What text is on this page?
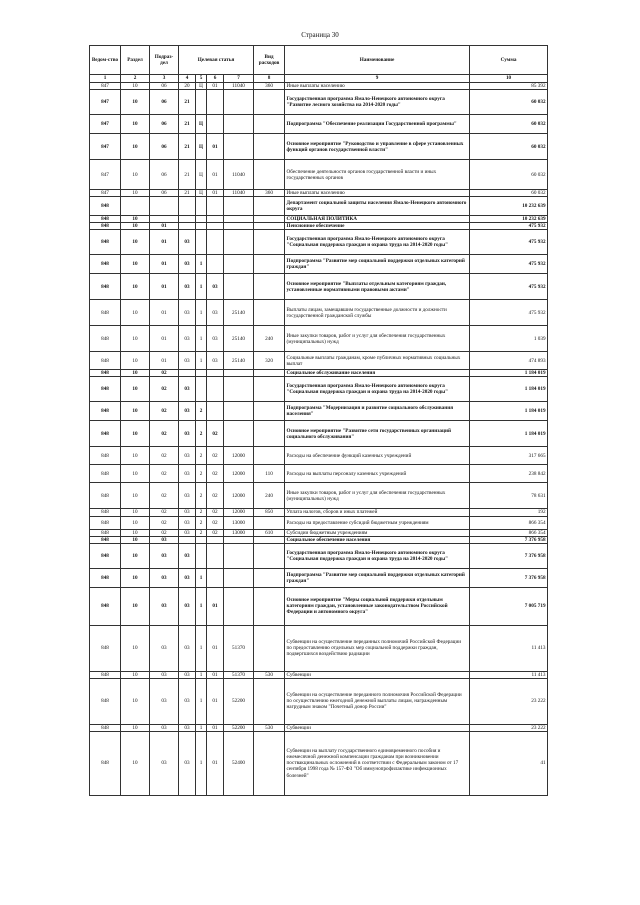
Страница 30
Ведом-ство	Раздел	Подраз-дел	Целевая статья				Вид расходов	Наименование	Сумма
1	2	3	4	5	6	7	8	9	10
847	10	06	20	Ц	01	11040	360	Иные выплаты населению	85 392
847	10	06	21					Государственная программа Ямало-Ненецкого автономного округа "Развитие лесного хозяйства на 2014-2020 годы"	60 032
847	10	06	21	Ц				Подпрограмма "Обеспечение реализации Государственной программы"	60 032
847	10	06	21	Ц	01			Основное мероприятие "Руководство и управление в сфере установленных функций органов государственной власти"	60 032
847	10	06	21	Ц	01	11040		Обеспечение деятельности органов государственной власти и иных государственных органов	60 032
847	10	06	21	Ц	01	11040	360	Иные выплаты населению	60 032
848								Департамент социальной защиты населения Ямало-Ненецкого автономного округа	10 232 639
848	10							СОЦИАЛЬНАЯ ПОЛИТИКА	10 232 639
848	10	01						Пенсионное обеспечение	475 932
848	10	01	03					Государственная программа Ямало-Ненецкого автономного округа "Социальная поддержка граждан и охрана труда на 2014-2020 годы"	475 932
848	10	01	03	1				Подпрограмма "Развитие мер социальной поддержки отдельных категорий граждан"	475 932
848	10	01	03	1	03			Основное мероприятие "Выплаты отдельным категориям граждан, установленные нормативными правовыми актами"	475 932
848	10	01	03	1	03	25140		Выплаты лицам, замещавшим государственные должности и должности государственной гражданской службы	475 932
848	10	01	03	1	03	25140	240	Иные закупки товаров, работ и услуг для обеспечения государственных (муниципальных) нужд	1 039
848	10	01	03	1	03	25140	320	Социальные выплаты гражданам, кроме публичных нормативных социальных выплат	474 893
848	10	02						Социальное обслуживание населения	1 184 019
848	10	02	03					Государственная программа Ямало-Ненецкого автономного округа "Социальная поддержка граждан и охрана труда на 2014-2020 годы"	1 184 019
848	10	02	03	2				Подпрограмма "Модернизация и развитие социального обслуживания населения"	1 184 019
848	10	02	03	2	02			Основное мероприятие "Развитие сети государственных организаций социального обслуживания"	1 184 019
848	10	02	03	2	02	12000		Расходы на обеспечение функций казенных учреждений	317 665
848	10	02	03	2	02	12000	110	Расходы на выплаты персоналу казенных учреждений	238 842
848	10	02	03	2	02	12000	240	Иные закупки товаров, работ и услуг для обеспечения государственных (муниципальных) нужд	78 631
848	10	02	03	2	02	12000	850	Уплата налогов, сборов и иных платежей	192
848	10	02	03	2	02	13000		Расходы на предоставление субсидий бюджетным учреждениям	866 354
848	10	02	03	2	02	13000	610	Субсидии бюджетным учреждениям	866 354
848	10	03						Социальное обеспечение населения	7 376 958
848	10	03	03					Государственная программа Ямало-Ненецкого автономного округа "Социальная поддержка граждан и охрана труда на 2014-2020 годы"	7 376 958
848	10	03	03	1				Подпрограмма "Развитие мер социальной поддержки отдельных категорий граждан"	7 376 958
848	10	03	03	1	01			Основное мероприятие "Меры социальной поддержки отдельным категориям граждан, установленные законодательством Российской Федерации и автономного округа"	7 005 719
848	10	03	03	1	01	51370		Субвенции на осуществление переданных полномочий Российской Федерации по предоставлению отдельных мер социальной поддержки граждан, подвергшихся воздействию радиации	11 413
848	10	03	03	1	01	51370	530	Субвенции	11 413
848	10	03	03	1	01	52200		Субвенции на осуществление переданного полномочия Российской Федерации по осуществлению ежегодной денежной выплаты лицам, награжденным нагрудным знаком "Почетный донор России"	23 222
848	10	03	03	1	01	52200	530	Субвенции	23 222
848	10	03	03	1	01	52400		Субвенции на выплату государственного единовременного пособия и ежемесячной денежной компенсации гражданам при возникновении поствакцинальных осложнений в соответствии с Федеральным законом от 17 сентября 1998 года № 157-ФЗ "Об иммунопрофилактике инфекционных болезней"	41
